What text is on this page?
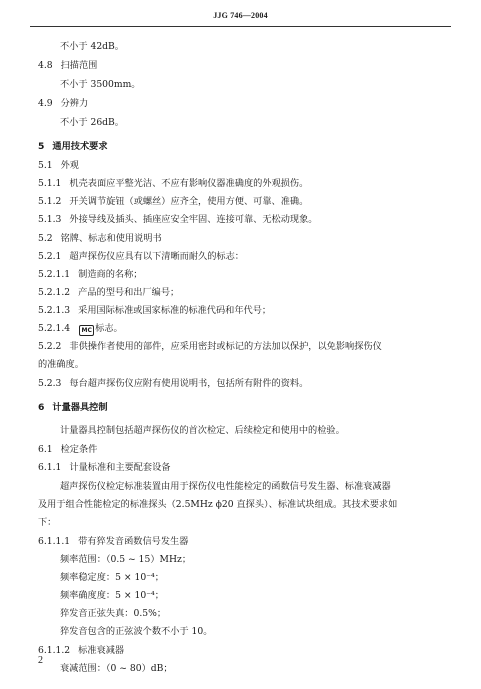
JJG 746—2004
不小于 42dB。
4.8 扫描范围
不小于 3500mm。
4.9 分辨力
不小于 26dB。
5 通用技术要求
5.1 外观
5.1.1 机壳表面应平整光洁、不应有影响仪器准确度的外观损伤。
5.1.2 开关调节旋钮（或螺丝）应齐全，使用方便、可靠、准确。
5.1.3 外接导线及插头、插座应安全牢固、连接可靠、无松动现象。
5.2 铭牌、标志和使用说明书
5.2.1 超声探伤仪应具有以下清晰而耐久的标志：
5.2.1.1 制造商的名称；
5.2.1.2 产品的型号和出厂编号；
5.2.1.3 采用国际标准或国家标准的标准代码和年代号；
5.2.1.4 MC 标志。
5.2.2 非供操作者使用的部件，应采用密封或标记的方法加以保护，以免影响探伤仪
的准确度。
5.2.3 每台超声探伤仪应附有使用说明书，包括所有附件的资料。
6 计量器具控制
计量器具控制包括超声探伤仪的首次检定、后续检定和使用中的检验。
6.1 检定条件
6.1.1 计量标准和主要配套设备
超声探伤仪检定标准装置由用于探伤仪电性能检定的函数信号发生器、标准衰减器
及用于组合性能检定的标准探头（2.5MHz ϕ20 直探头）、标准试块组成。其技术要求如
下：
6.1.1.1 带有猝发音函数信号发生器
频率范围：（0.5 ~ 15）MHz；
频率稳定度：5 × 10⁻⁴；
频率确度度：5 × 10⁻⁴；
猝发音正弦失真：0.5%；
猝发音包含的正弦波个数不小于 10。
6.1.1.2 标准衰减器
衰减范围：（0 ~ 80）dB；
2
